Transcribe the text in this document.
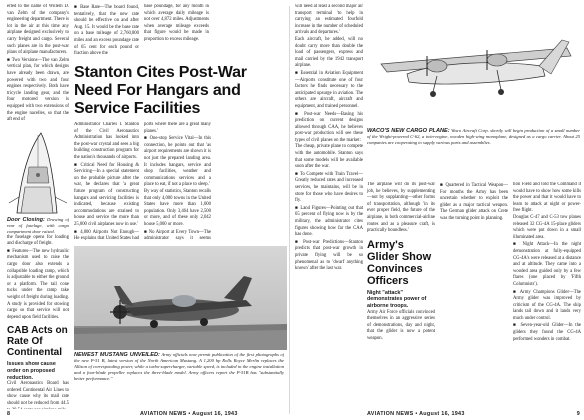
erted to the name of Willem D. van Zelm of the company's engineering department. There is lot in the air at this time any airplane designed exclusively to carry freight and cargo. Several such planes are in the post-war plans of airplane manufacturers.

■ Two Versions—The van Zelm vertical plan, for which designs have already been drawn, are powered with two and four engines respectively. Both have tricycle landing gear, and the four motored version is equipped with two extensions of the engine nacelles, so that the aft end of

Door Closing: Drawing of rear of fuselage, with cargo compartment door raised.

the fuselage opens for loading and discharge of freight.

■ Features—The new hydraulic mechanism used to raise the cargo door also extends a collapsible loading ramp, which is adjustable to either the ground or a platform. The tail cone tucks under the ramp take weight of freight during loading. A study is provided for stowing cargo so that service will not depend upon field facilities.

CAB Acts on Rate Of Continental

Issues show cause order on proposed reduction.

Civil Aeronautics Board has ordered Continental Air Lines to show cause why its mail rate should not be reduced from 44.5

■ Base Rate—The board found, tentatively, that the new rate should be effective on and after Aug. 15. It would be the base rate on a base mileage of 2,760,800 miles and an excess poundage rate of 65 cent for each pound or fraction above the

base poundage, for any month in which average daily mileage is not over 4,872 miles. Adjustments when average mileage exceeds that figure would be made in proportion to excess mileage.

Stanton Cites Post-War Need For Hangars and Service Facilities

Administrator Charles I. Stanton of the Civil Aeronautics Administration has looked into the post-war crystal and sees a big building construction program for the nation's thousands of airports.

■ Critical Need for Housing & Servicing—In a special statement on the probable picture after the war, he declares that 'a great future program of constructing hangars and servicing facilities is indicated, because existing accommodations are strained to house and service the more than 25,000 civil airplanes now in use.'

■ 4,000 Airports Not Enough—He explains that United States had

ports where there are a great many planes.'

■ One-stop Service Vital—In this connection, he points out that 'as airport requirements are shown it is not just the prepared landing area. It includes hangars, service and shop facilities, weather and communications services and a place to eat, if not a place to sleep.'

By way of statistics, Stanton recalls that only 4,000 towns in the United States have more than 1,000 population. Only 3,464 have 2,500 or more, and of these only 2,042 house 5,000 or more.

■ No Airport at Every Town—The administrator says it seems

NEWEST MUSTANG UNVEILED: Army officials now permit publication of the first photographs of the new P-51 B, latest version of the North American Mustang. A 1,200 hp Rolls Royce Merlin replaces the Allison of corresponding power, while a turbo-supercharger, variable speed, is included in the engine installation and a four-blade propeller replaces the three-blade model. Army officers report the P-51B has "substantially better performance."

8	AVIATION NEWS • August 16, 1943

will need at least a second major air transport terminal 'to help in carrying an estimated fourfold increase in the number of scheduled arrivals and departures.'

Each aircraft, he added, will no doubt carry more than double the load of passengers, express and mail carried by the 1942 transport airplane.

■ Essential in Aviation Equipment—Airports constitute one of four factors he finds necessary to the anticipated upsurge in aviation. The others are aircraft, aircraft and equipment, and trained personnel.

■ Post-war Needs—Basing his prediction on current designs allowed through CAA, he believes post-war production will see these types of civil planes on the market:

The cheap, private plane to compete with the automobile. Stanton says that some models will be available soon after the war.

■ To Compete with Train Travel—Greatly reduced rates and increased services, he maintains, will be in store for those who have desires to fly.

■ Land Figures—Pointing out that 65 percent of flying now is by the military, the administrator cites figures showing how far the CAA has done.

■ Post-war Predictions—Stanton predicts that post-war growth in private flying will be so phenomenal as to 'dwarf anything known' after the last war.

WACO'S NEW CARGO PLANE: Waco Aircraft Corp. shortly will begin production of a small number of the Wright-powered C-62, a twin-engine, wooden high-wing monoplane, designed as a cargo carrier. About 25 companies are cooperating to supply various parts and assemblies.

The airplane will do its post-war job, he believes, by supplementing—not by supplanting—other forms of transportation, although 'in its ever proper field, the future of the airplane, in both commercial-airline routes and as a pleasure craft, is practically boundless.'

Army's Glider Show Convinces Officers

Night "attack" demonstrates power of airborne troops.

Army Air Force officials convinced themselves in an aggressive series of demonstrations, day and night, that the glider is now a potent weapon.

■ Quartered in Tactical Weapon—For months the Army has been uncertain whether to exploit the glider as a major tactical weapon. The German glider attack on Crete was the turning point in planning.

tion Field and told the Command it would have to show how some kills the power and that it would have to learn to attack at night or power-free flight.

Douglas C-47 and C-53 tow planes released 32 CG-4A 15-place gliders which were put down in a small illuminated area.

■ Night Attack—In the night demonstration at fully-equipped CG-4A's were released at a distance and at altitude. They came into a wooded area guided only by a few flares (one placed by 'Fifth Columnists').

■ Army Champions Glider—The Army glider was improved by criticism of the CG-4A. The ship lands tail down and it lands very much under control.

■ Seven-year-old Glider—In the gliders they found the CG-4A performed wonders in combat.

AVIATION NEWS • August 16, 1943	9
